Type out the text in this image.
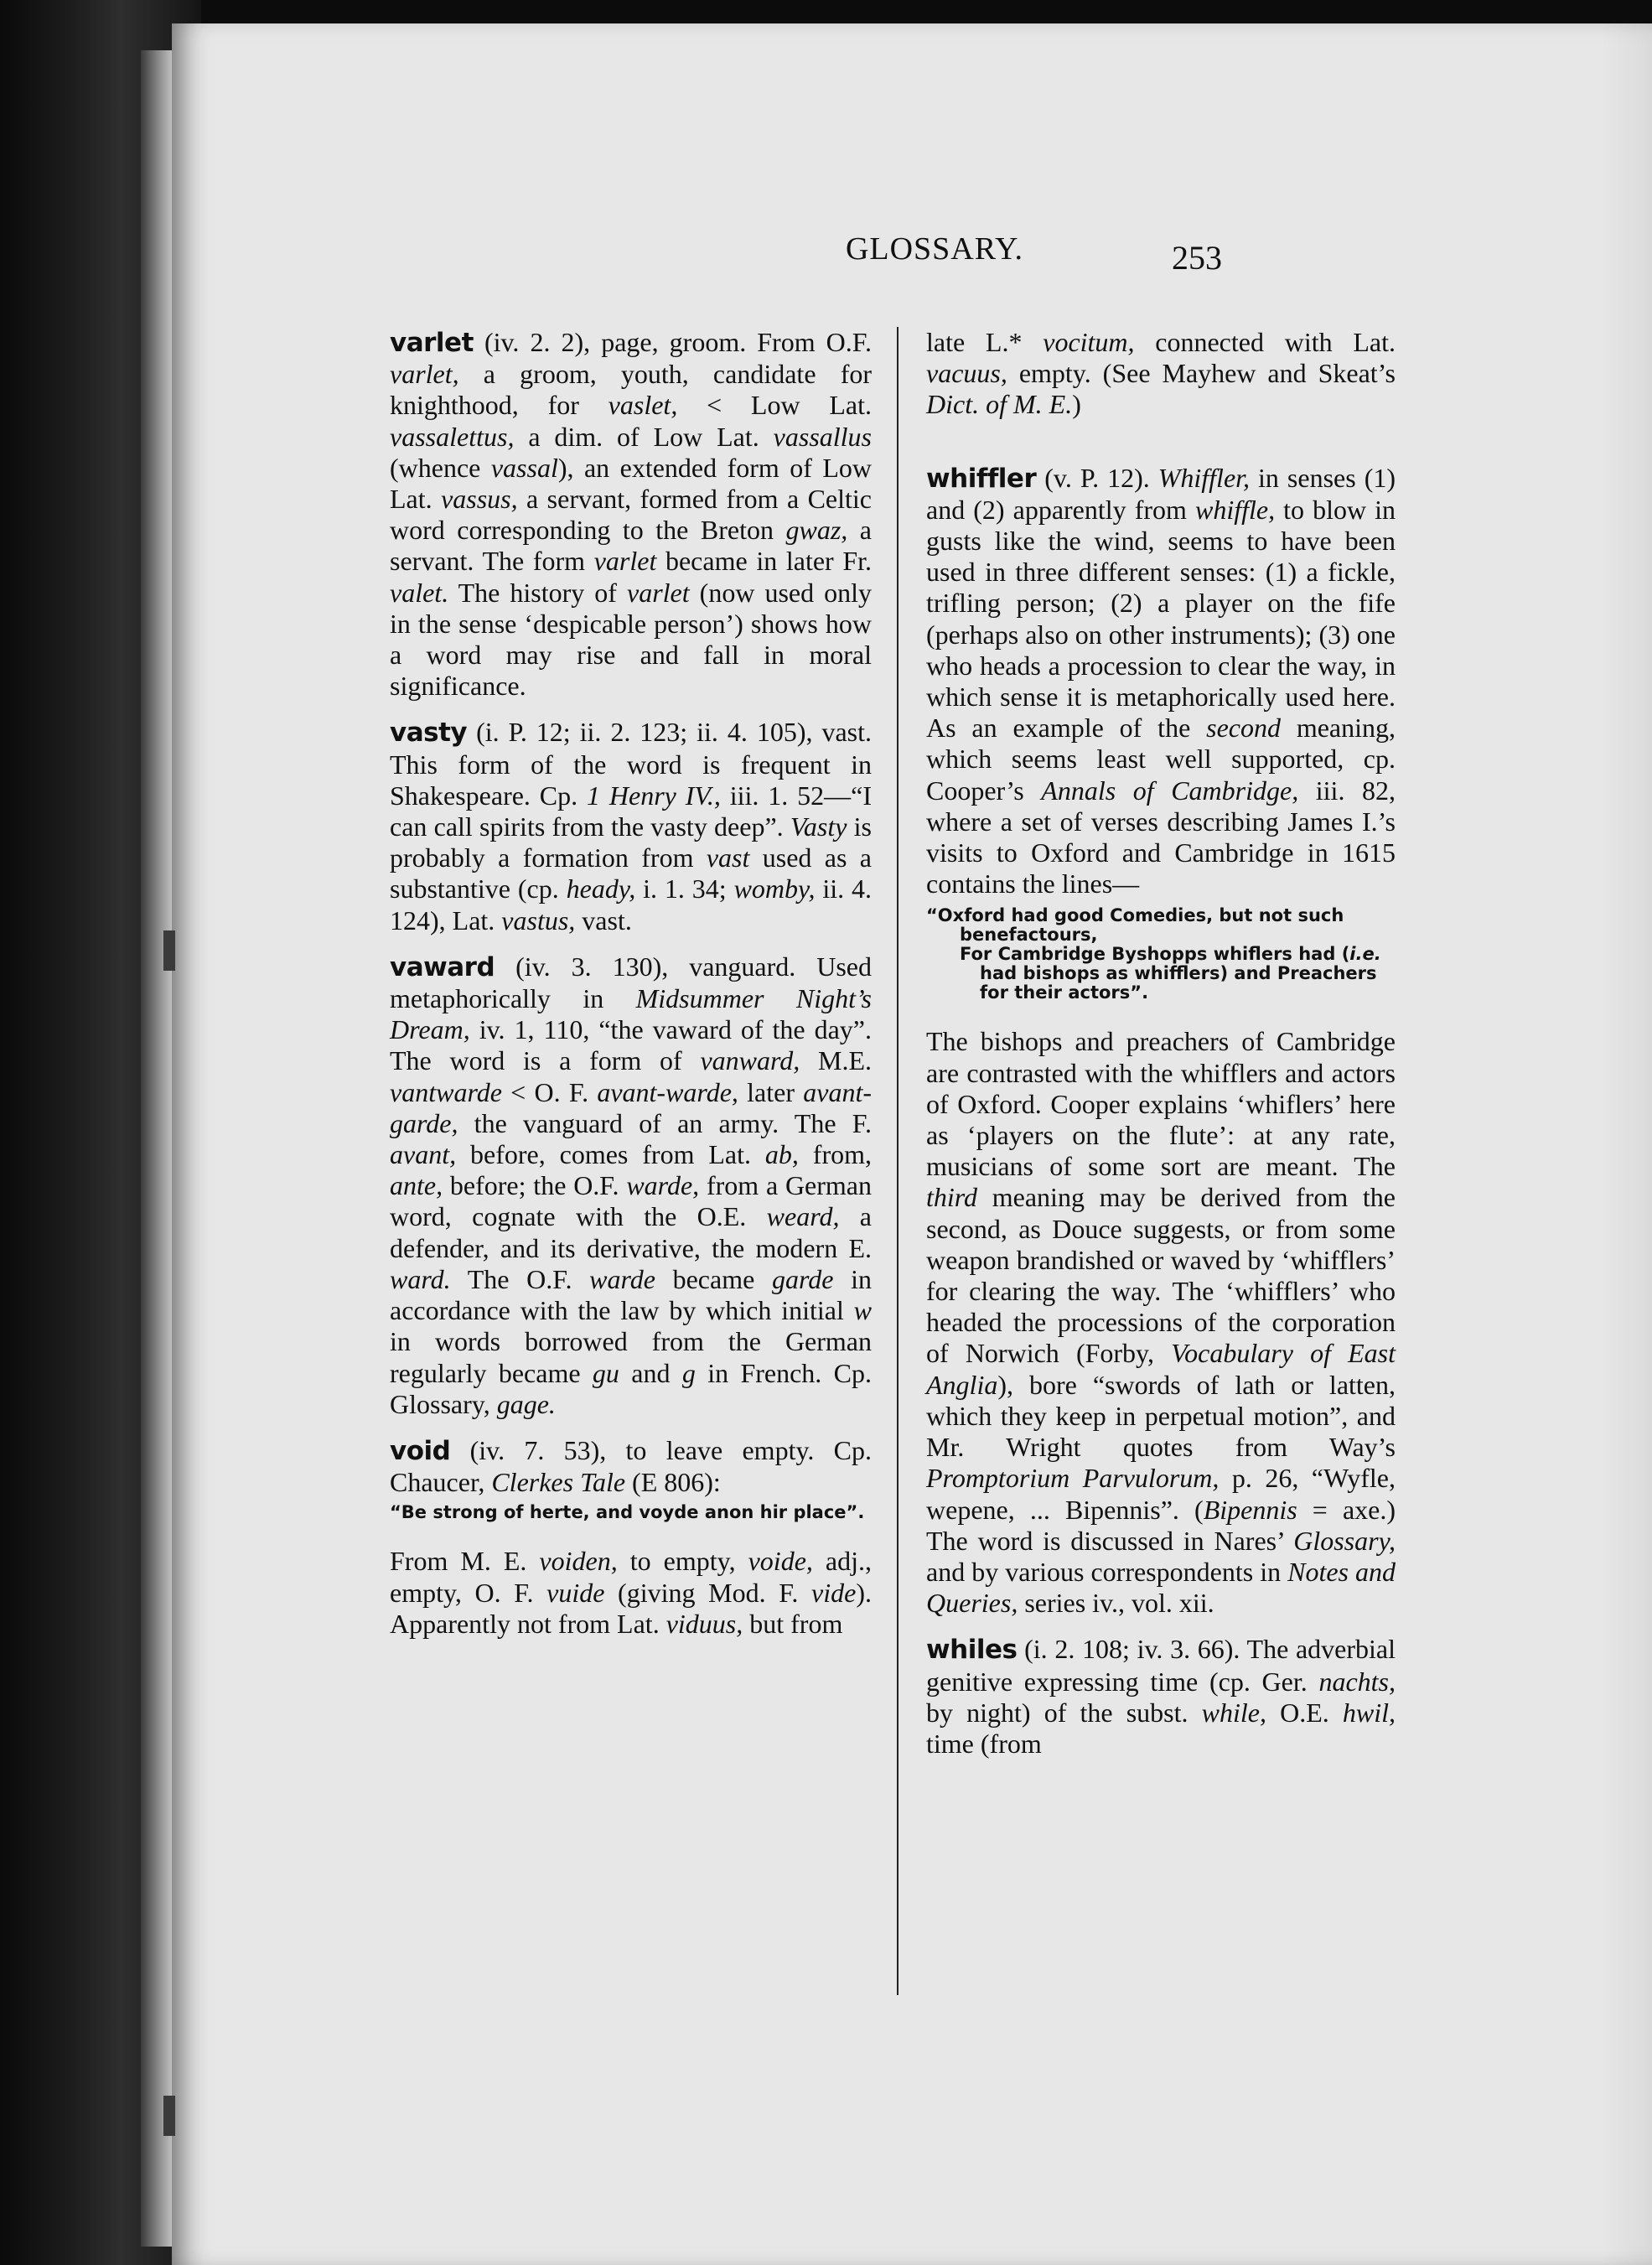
GLOSSARY.	253

varlet (iv. 2. 2), page, groom. From O.F. varlet, a groom, youth, candidate for knighthood, for vaslet, < Low Lat. vassalettus, a dim. of Low Lat. vassallus (whence vassal), an extended form of Low Lat. vassus, a servant, formed from a Celtic word corresponding to the Breton gwaz, a servant. The form varlet became in later Fr. valet. The history of varlet (now used only in the sense ‘despicable person’) shows how a word may rise and fall in moral significance.

vasty (i. P. 12; ii. 2. 123; ii. 4. 105), vast. This form of the word is frequent in Shakespeare. Cp. 1 Henry IV., iii. 1. 52—“I can call spirits from the vasty deep”. Vasty is probably a formation from vast used as a substantive (cp. heady, i. 1. 34; womby, ii. 4. 124), Lat. vastus, vast.

vaward (iv. 3. 130), vanguard. Used metaphorically in Midsummer Night’s Dream, iv. 1, 110, “the vaward of the day”. The word is a form of vanward, M.E. vantwarde < O. F. avant-warde, later avant-garde, the vanguard of an army. The F. avant, before, comes from Lat. ab, from, ante, before; the O.F. warde, from a German word, cognate with the O.E. weard, a defender, and its derivative, the modern E. ward. The O.F. warde became garde in accordance with the law by which initial w in words borrowed from the German regularly became gu and g in French. Cp. Glossary, gage.

void (iv. 7. 53), to leave empty. Cp. Chaucer, Clerkes Tale (E 806):

“Be strong of herte, and voyde anon hir place”.

From M. E. voiden, to empty, voide, adj., empty, O. F. vuide (giving Mod. F. vide). Apparently not from Lat. viduus, but from

late L.* vocitum, connected with Lat. vacuus, empty. (See Mayhew and Skeat’s Dict. of M. E.)

whiffler (v. P. 12). Whiffler, in senses (1) and (2) apparently from whiffle, to blow in gusts like the wind, seems to have been used in three different senses: (1) a fickle, trifling person; (2) a player on the fife (perhaps also on other instruments); (3) one who heads a procession to clear the way, in which sense it is metaphorically used here. As an example of the second meaning, which seems least well supported, cp. Cooper’s Annals of Cambridge, iii. 82, where a set of verses describing James I.’s visits to Oxford and Cambridge in 1615 contains the lines—

“Oxford had good Comedies, but not such
benefactours,
For Cambridge Byshopps whiflers had (i.e.
had bishops as whifflers) and Preachers
for their actors”.

The bishops and preachers of Cambridge are contrasted with the whifflers and actors of Oxford. Cooper explains ‘whiflers’ here as ‘players on the flute’: at any rate, musicians of some sort are meant. The third meaning may be derived from the second, as Douce suggests, or from some weapon brandished or waved by ‘whifflers’ for clearing the way. The ‘whifflers’ who headed the processions of the corporation of Norwich (Forby, Vocabulary of East Anglia), bore “swords of lath or latten, which they keep in perpetual motion”, and Mr. Wright quotes from Way’s Promptorium Parvulorum, p. 26, “Wyfle, wepene, ... Bipennis”. (Bipennis = axe.) The word is discussed in Nares’ Glossary, and by various correspondents in Notes and Queries, series iv., vol. xii.

whiles (i. 2. 108; iv. 3. 66). The adverbial genitive expressing time (cp. Ger. nachts, by night) of the subst. while, O.E. hwil, time (from
